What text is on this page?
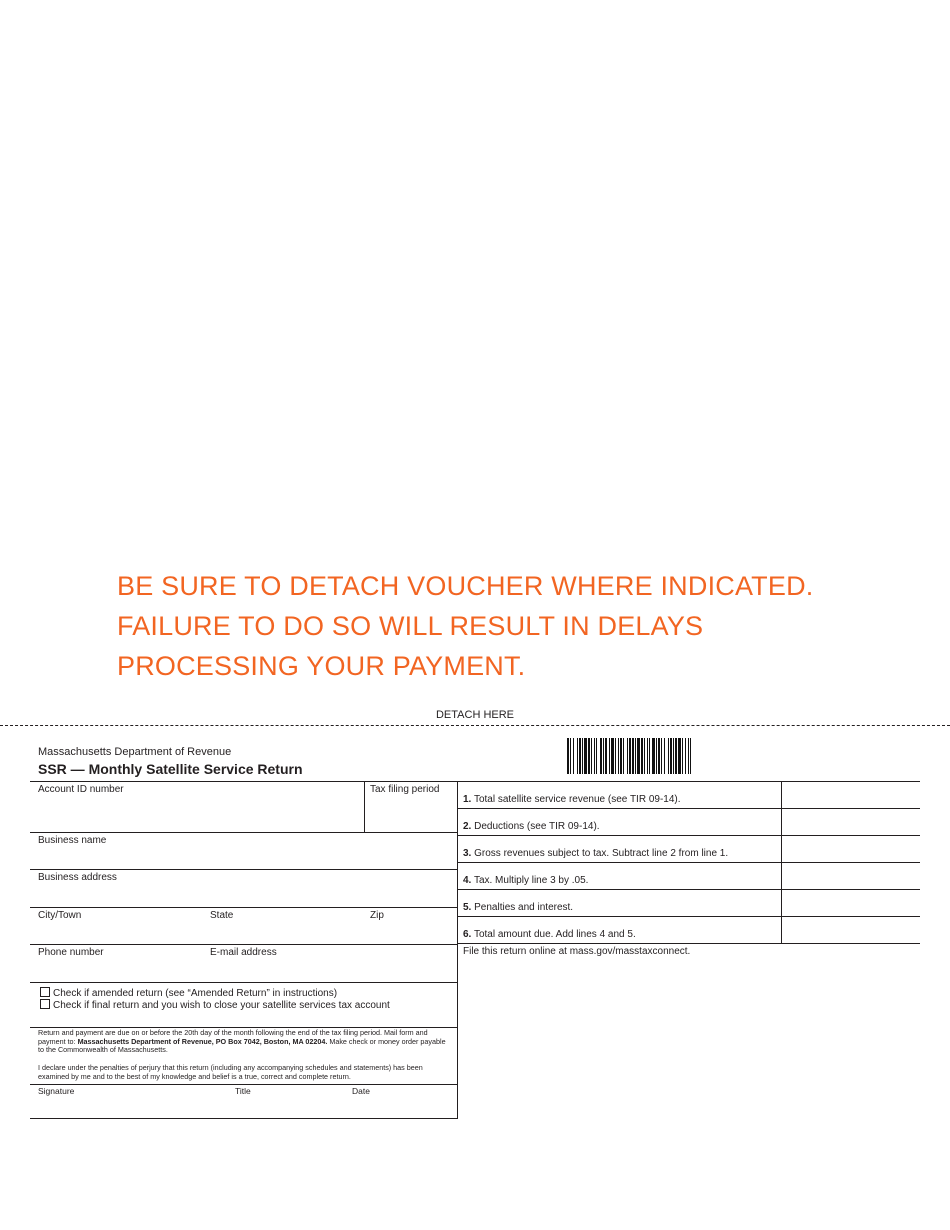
BE SURE TO DETACH VOUCHER WHERE INDICATED.
FAILURE TO DO SO WILL RESULT IN DELAYS
PROCESSING YOUR PAYMENT.
DETACH HERE
Massachusetts Department of Revenue
SSR — Monthly Satellite Service Return
Account ID number	Tax filing period
Business name
Business address
City/Town	State	Zip
Phone number	E-mail address
Check if amended return (see “Amended Return” in instructions)
Check if final return and you wish to close your satellite services tax account
Return and payment are due on or before the 20th day of the month following the end of the tax filing period. Mail form and payment to: Massachusetts Department of Revenue, PO Box 7042, Boston, MA 02204. Make check or money order payable to the Commonwealth of Massachusetts.
I declare under the penalties of perjury that this return (including any accompanying schedules and statements) has been examined by me and to the best of my knowledge and belief is a true, correct and complete return.
Signature	Title	Date
1. Total satellite service revenue (see TIR 09-14).
2. Deductions (see TIR 09-14).
3. Gross revenues subject to tax. Subtract line 2 from line 1.
4. Tax. Multiply line 3 by .05.
5. Penalties and interest.
6. Total amount due. Add lines 4 and 5.
File this return online at mass.gov/masstaxconnect.
